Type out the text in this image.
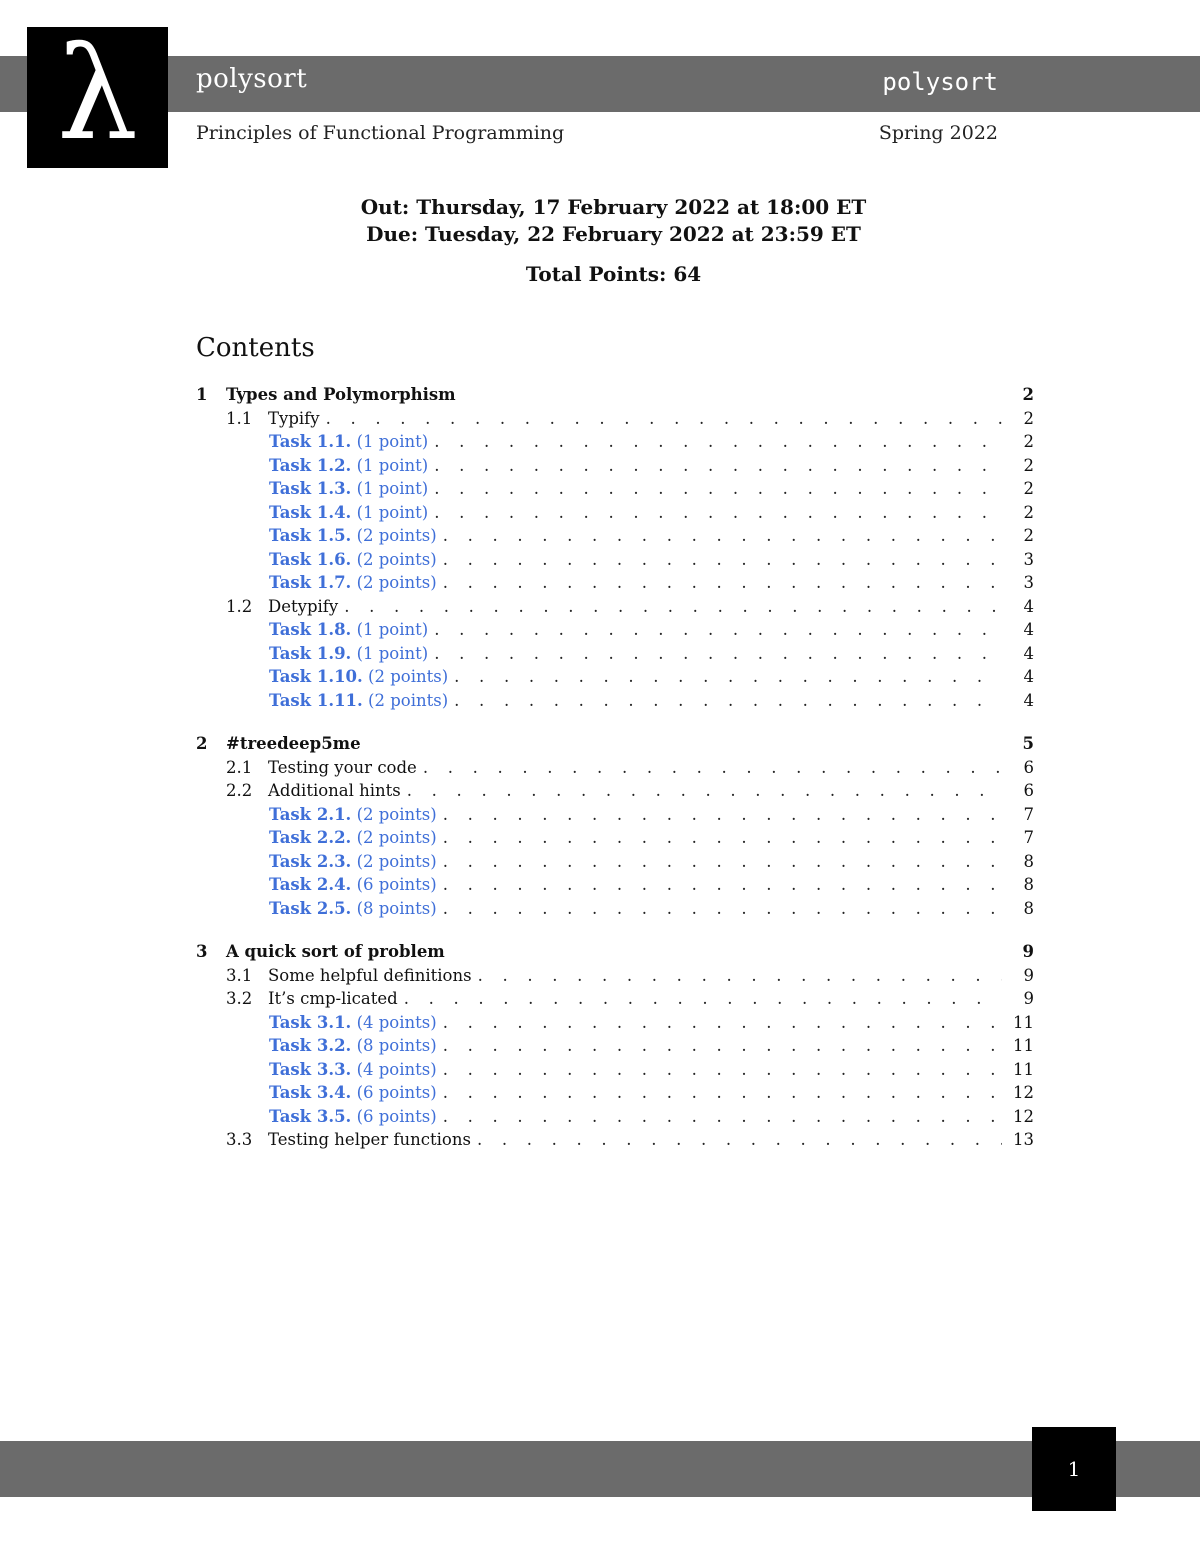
λ polysort	polysort
Principles of Functional Programming	Spring 2022
Out: Thursday, 17 February 2022 at 18:00 ET
Due: Tuesday, 22 February 2022 at 23:59 ET
Total Points: 64
Contents
1	Types and Polymorphism	2
1.1 Typify . . .	2
Task 1.1. (1 point) . . .	2
Task 1.2. (1 point) . . .	2
Task 1.3. (1 point) . . .	2
Task 1.4. (1 point) . . .	2
Task 1.5. (2 points) . . .	2
Task 1.6. (2 points) . . .	3
Task 1.7. (2 points) . . .	3
1.2 Detypify . . .	4
Task 1.8. (1 point) . . .	4
Task 1.9. (1 point) . . .	4
Task 1.10. (2 points) . . .	4
Task 1.11. (2 points) . . .	4
2	#treedeep5me	5
2.1 Testing your code . . .	6
2.2 Additional hints . . .	6
Task 2.1. (2 points) . . .	7
Task 2.2. (2 points) . . .	7
Task 2.3. (2 points) . . .	8
Task 2.4. (6 points) . . .	8
Task 2.5. (8 points) . . .	8
3	A quick sort of problem	9
3.1 Some helpful definitions . . .	9
3.2 It’s cmp-licated . . .	9
Task 3.1. (4 points) . . .	11
Task 3.2. (8 points) . . .	11
Task 3.3. (4 points) . . .	11
Task 3.4. (6 points) . . .	12
Task 3.5. (6 points) . . .	12
3.3 Testing helper functions . . .	13
1
